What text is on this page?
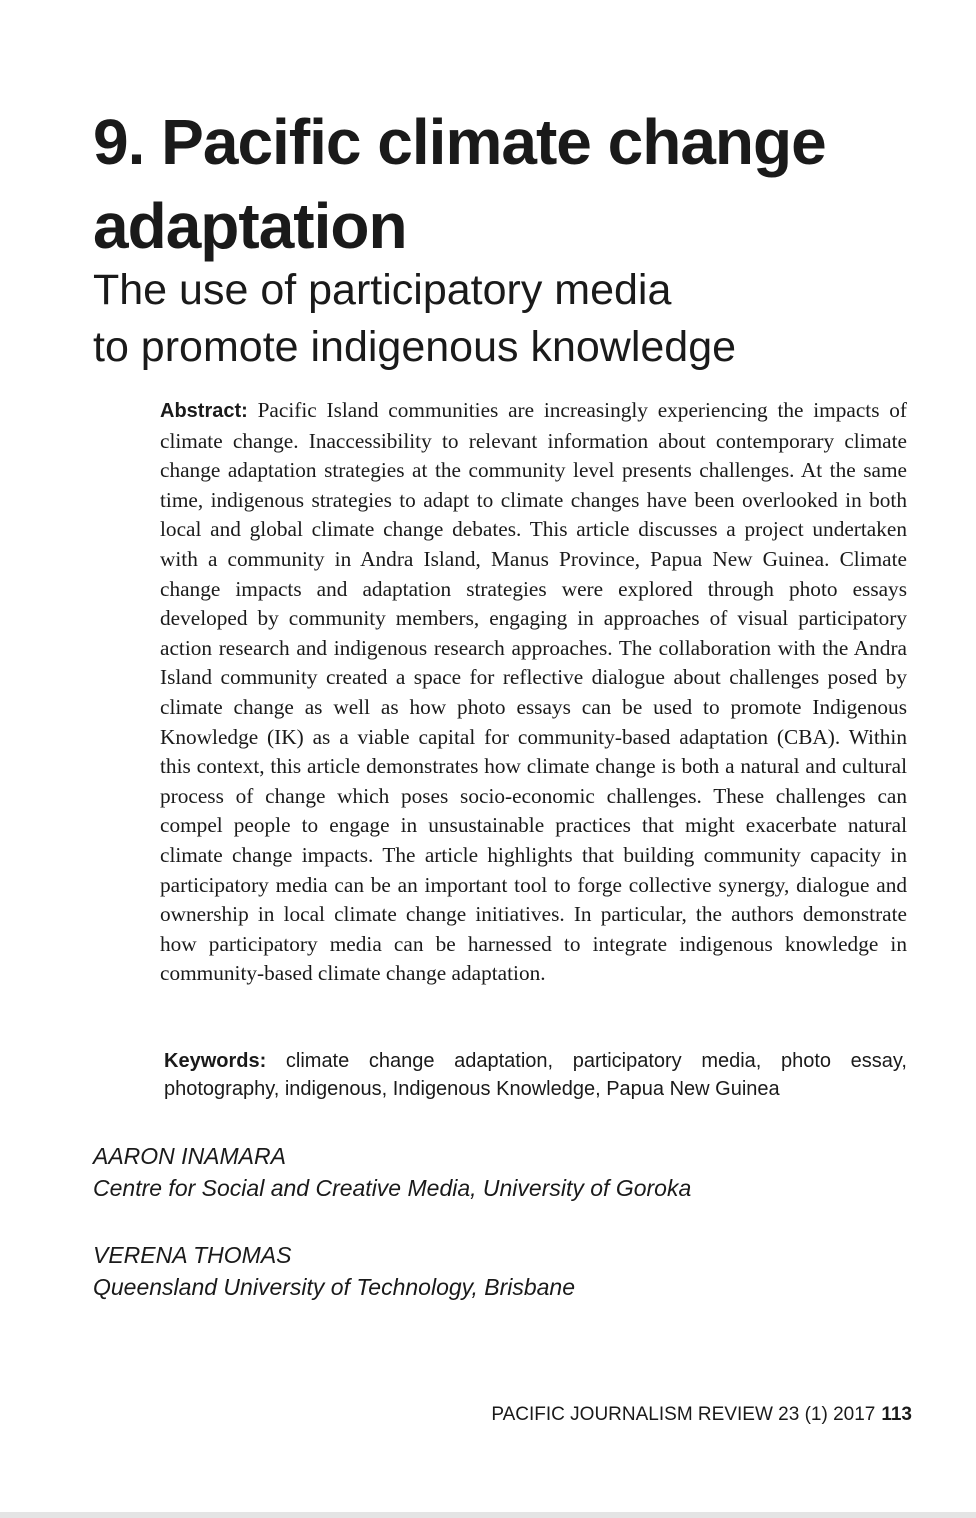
9. Pacific climate change adaptation
The use of participatory media
to promote indigenous knowledge

Abstract: Pacific Island communities are increasingly experiencing the impacts of climate change. Inaccessibility to relevant information about contemporary climate change adaptation strategies at the community level presents challenges. At the same time, indigenous strategies to adapt to climate changes have been overlooked in both local and global climate change debates. This article discusses a project undertaken with a community in Andra Island, Manus Province, Papua New Guinea. Climate change impacts and adaptation strategies were explored through photo essays developed by community members, engaging in approaches of visual participatory action research and indigenous research approaches. The collaboration with the Andra Island community created a space for reflective dialogue about challenges posed by climate change as well as how photo essays can be used to promote Indigenous Knowledge (IK) as a viable capital for community-based adaptation (CBA). Within this context, this article demonstrates how climate change is both a natural and cultural process of change which poses socio-economic challenges. These challenges can compel people to engage in unsustainable practices that might exacerbate natural climate change impacts. The article highlights that building community capacity in participatory media can be an important tool to forge collective synergy, dialogue and ownership in local climate change initiatives. In particular, the authors demonstrate how participatory media can be harnessed to integrate indigenous knowledge in community-based climate change adaptation.

Keywords: climate change adaptation, participatory media, photo essay, photography, indigenous, Indigenous Knowledge, Papua New Guinea

AARON INAMARA
Centre for Social and Creative Media, University of Goroka
VERENA THOMAS
Queensland University of Technology, Brisbane
PACIFIC JOURNALISM REVIEW 23 (1) 2017 113
